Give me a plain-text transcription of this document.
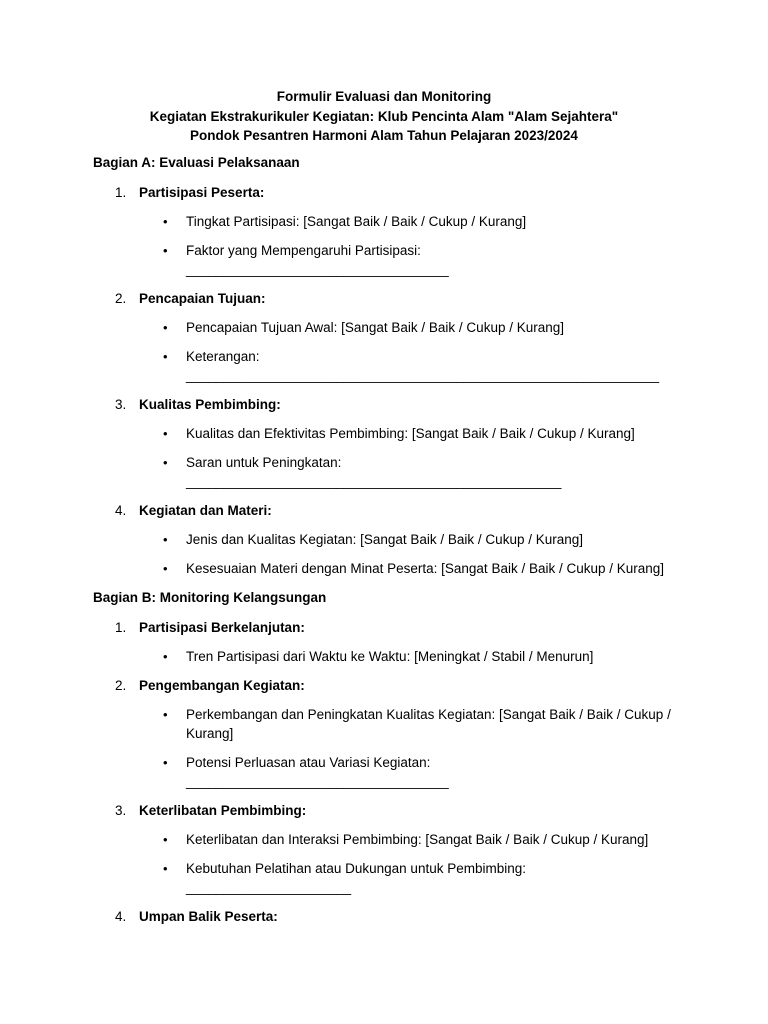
Formulir Evaluasi dan Monitoring
Kegiatan Ekstrakurikuler Kegiatan: Klub Pencinta Alam "Alam Sejahtera"
Pondok Pesantren Harmoni Alam Tahun Pelajaran 2023/2024
Bagian A: Evaluasi Pelaksanaan
1. Partisipasi Peserta:
• Tingkat Partisipasi: [Sangat Baik / Baik / Cukup / Kurang]
• Faktor yang Mempengaruhi Partisipasi: ___________________________________
2. Pencapaian Tujuan:
• Pencapaian Tujuan Awal: [Sangat Baik / Baik / Cukup / Kurang]
• Keterangan:
_______________________________________________________________
3. Kualitas Pembimbing:
• Kualitas dan Efektivitas Pembimbing: [Sangat Baik / Baik / Cukup / Kurang]
• Saran untuk Peningkatan:
__________________________________________________
4. Kegiatan dan Materi:
• Jenis dan Kualitas Kegiatan: [Sangat Baik / Baik / Cukup / Kurang]
• Kesesuaian Materi dengan Minat Peserta: [Sangat Baik / Baik / Cukup / Kurang]
Bagian B: Monitoring Kelangsungan
1. Partisipasi Berkelanjutan:
• Tren Partisipasi dari Waktu ke Waktu: [Meningkat / Stabil / Menurun]
2. Pengembangan Kegiatan:
• Perkembangan dan Peningkatan Kualitas Kegiatan: [Sangat Baik / Baik / Cukup / Kurang]
• Potensi Perluasan atau Variasi Kegiatan:
___________________________________
3. Keterlibatan Pembimbing:
• Keterlibatan dan Interaksi Pembimbing: [Sangat Baik / Baik / Cukup / Kurang]
• Kebutuhan Pelatihan atau Dukungan untuk Pembimbing:
______________________
4. Umpan Balik Peserta:
